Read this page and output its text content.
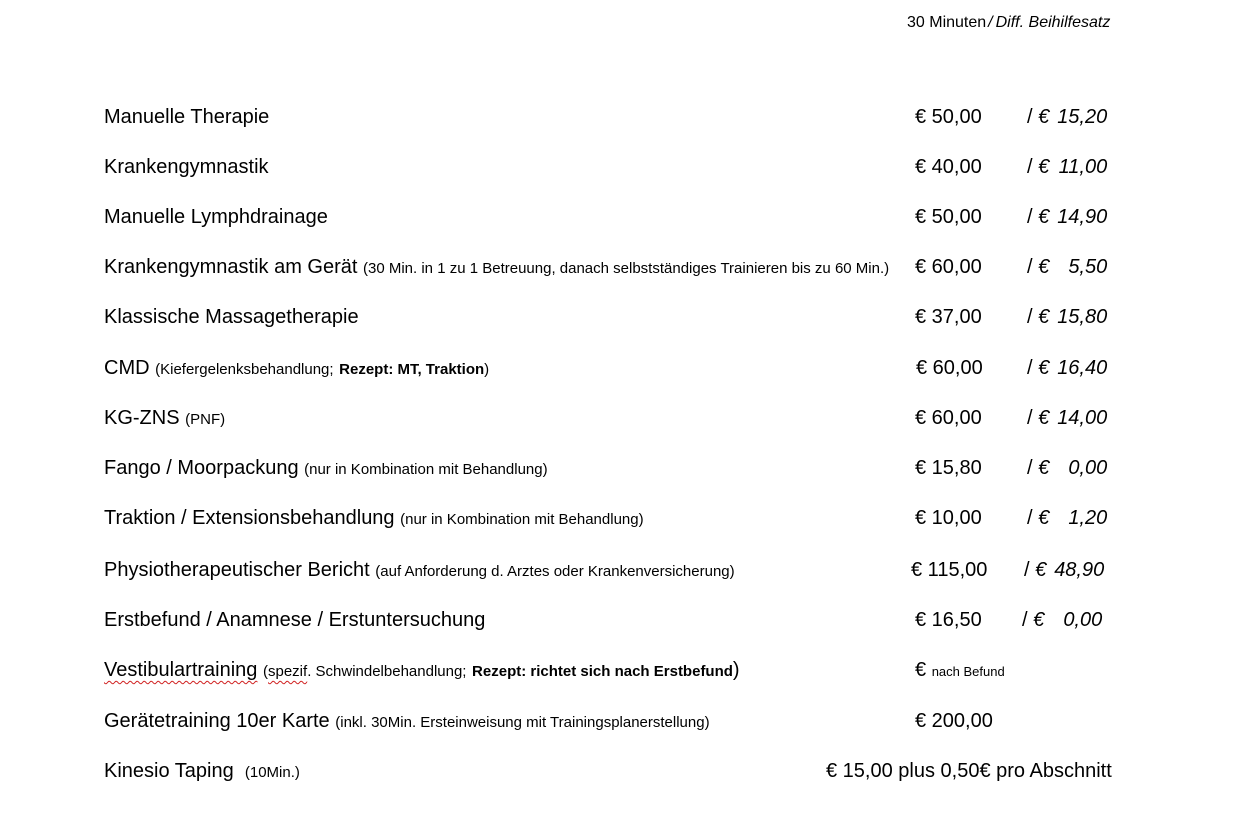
30 Minuten / Diff. Beihilfesatz
Manuelle Therapie	€ 50,00 / € 15,20
Krankengymnastik	€ 40,00 / € 11,00
Manuelle Lymphdrainage	€ 50,00 / € 14,90
Krankengymnastik am Gerät (30 Min. in 1 zu 1 Betreuung, danach selbstständiges Trainieren bis zu 60 Min.) € 60,00 / € 5,50
Klassische Massagetherapie	€ 37,00 / € 15,80
CMD (Kiefergelenksbehandlung; Rezept: MT, Traktion)	€ 60,00 / € 16,40
KG-ZNS (PNF)	€ 60,00 / € 14,00
Fango / Moorpackung (nur in Kombination mit Behandlung)	€ 15,80 / € 0,00
Traktion / Extensionsbehandlung (nur in Kombination mit Behandlung)	€ 10,00 / € 1,20
Physiotherapeutischer Bericht (auf Anforderung d. Arztes oder Krankenversicherung)	€ 115,00 / € 48,90
Erstbefund / Anamnese / Erstuntersuchung	€ 16,50 / € 0,00
Vestibulartraining (spezif. Schwindelbehandlung; Rezept: richtet sich nach Erstbefund)	€ nach Befund
Gerätetraining 10er Karte (inkl. 30Min. Ersteinweisung mit Trainingsplanerstellung)	€ 200,00
Kinesio Taping (10Min.)	€ 15,00 plus 0,50€ pro Abschnitt
